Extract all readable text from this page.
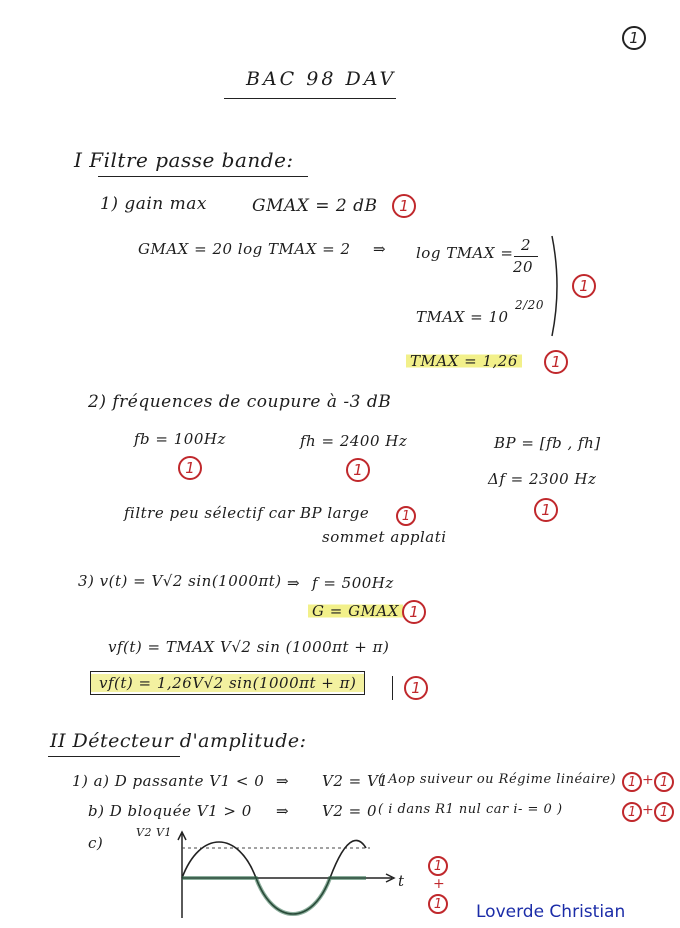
1
BAC 98 DAV
I Filtre passe bande:
1) gain max	GMAX = 2 dB	1
GMAX = 20 log TMAX = 2 ⇒ log TMAX = 2
20
1
TMAX = 10
2/20
TMAX = 1,26	1
2) fréquences de coupure à -3 dB
fb = 100Hz
1
fh = 2400 Hz
1
BP = [fb , fh]
Δf = 2300 Hz
1
filtre peu sélectif car BP large	1
sommet applati
3) v(t) = V√2 sin(1000πt) ⇒ f = 500Hz
G = GMAX 1
vf(t) = TMAX V√2 sin (1000πt + π)
vf(t) = 1,26V√2 sin(1000πt + π)	1
II Détecteur d'amplitude:
1) a) D passante V1 < 0 ⇒ V2 = V1
( Aop suiveur ou Régime linéaire) 1 + 1
b) D bloquée V1 > 0 ⇒ V2 = 0 ( i dans R1 nul car i- = 0 )	1 + 1
c)
V2 V1
t
1
+
1	Loverde Christian
